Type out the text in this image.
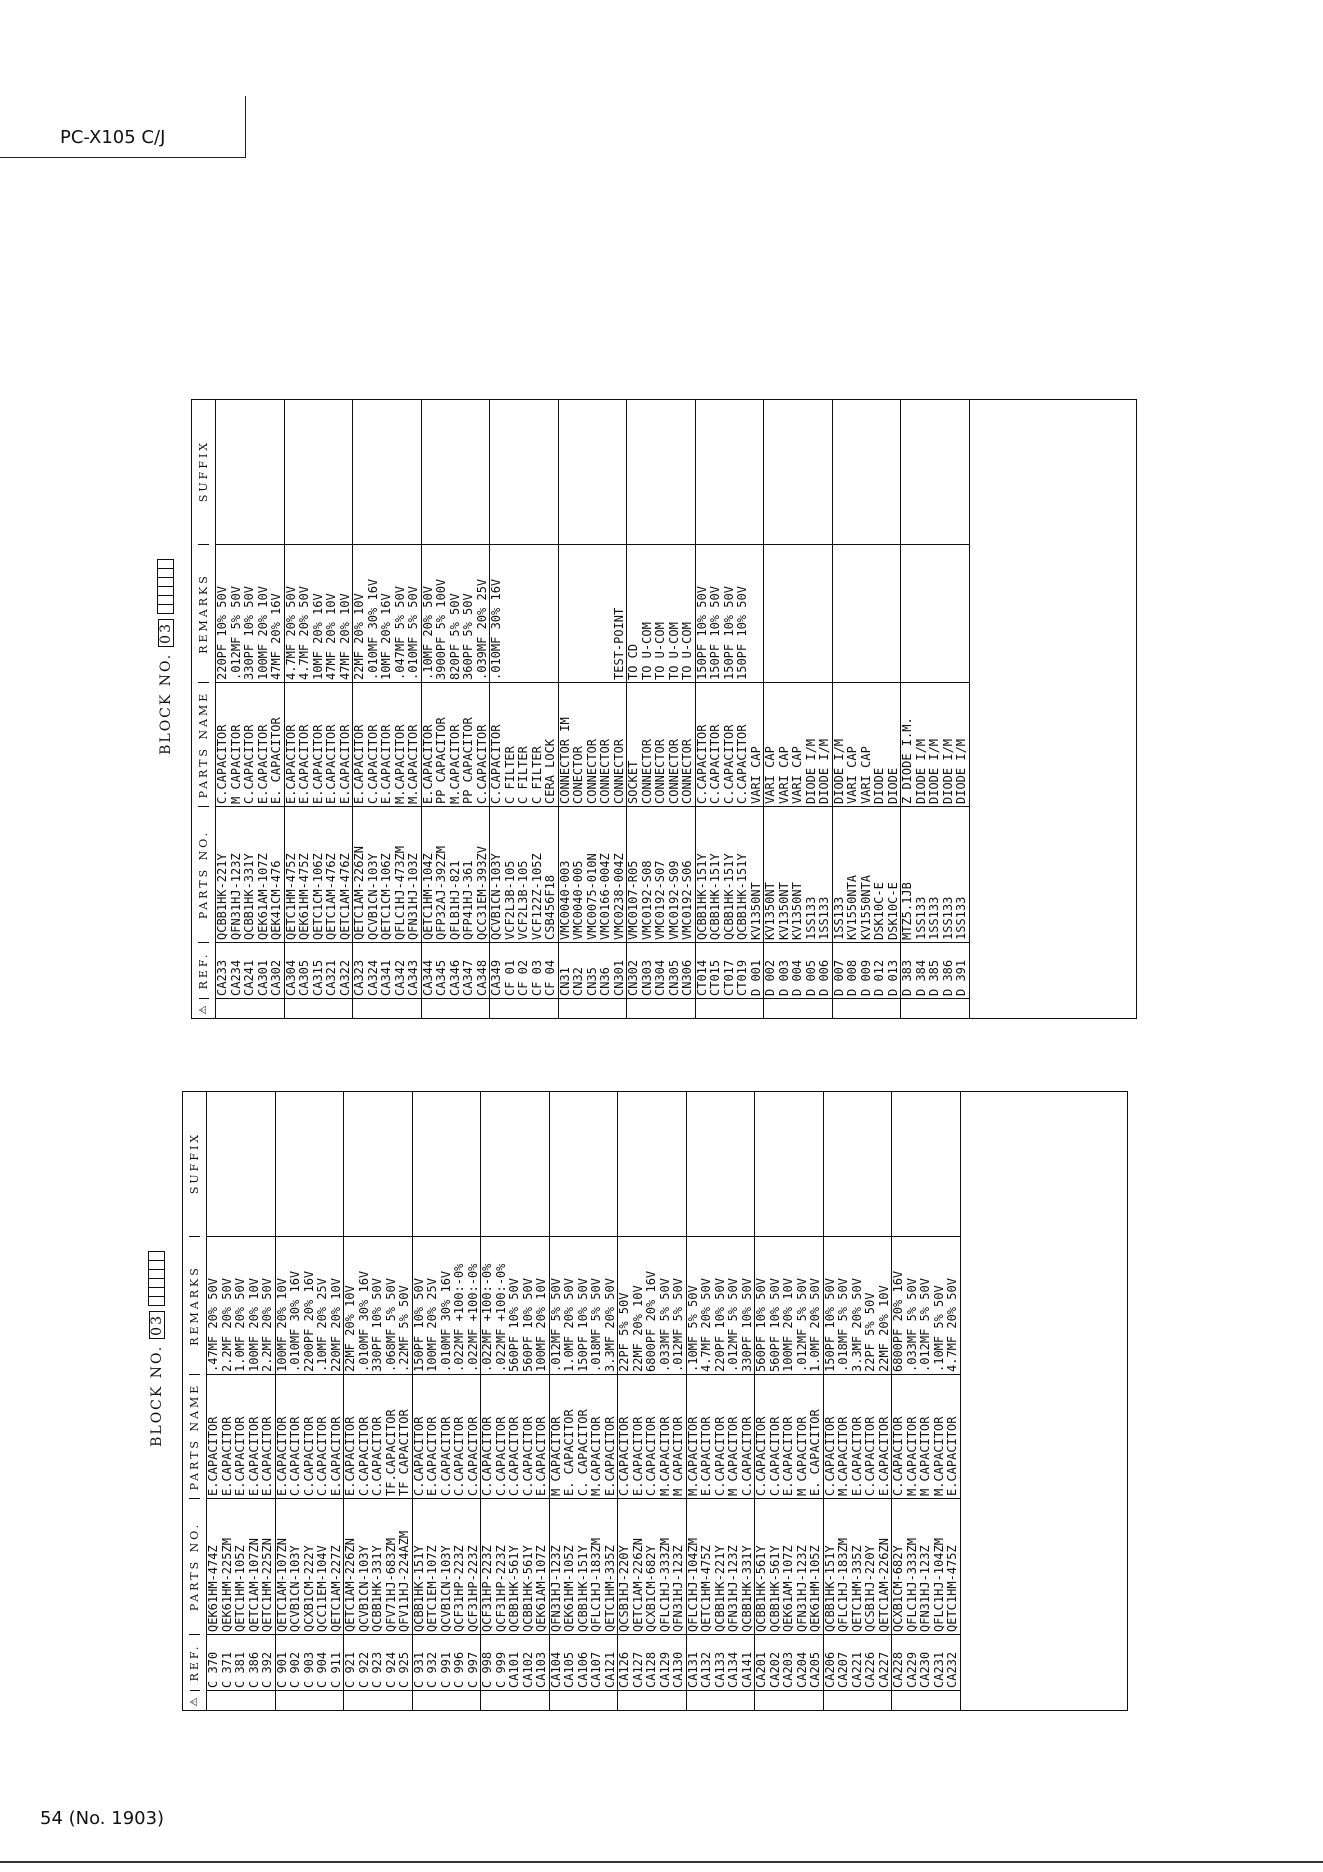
PC-X105 C/J
BLOCK NO.
03
⚠
REF.
PARTS NO.
PARTS NAME
REMARKS
SUFFIX
C 370
QEK61HM-474Z
E.CAPACITOR
.47MF 20% 50V
C 371
QEK61HM-225ZM
E.CAPACITOR
2.2MF 20% 50V
C 381
QETC1HM-105Z
E.CAPACITOR
1.0MF 20% 50V
C 386
QETC1AM-107ZN
E.CAPACITOR
100MF 20% 10V
C 392
QETC1HM-225ZN
E.CAPACITOR
2.2MF 20% 50V
C 901
QETC1AM-107ZN
E.CAPACITOR
100MF 20% 10V
C 902
QCVB1CN-103Y
C.CAPACITOR
.010MF 30% 16V
C 903
QCXB1CM-222Y
C.CAPACITOR
2200PF 20% 16V
C 904
QCC11EM-104V
C.CAPACITOR
.10MF 20% 25V
C 911
QETC1AM-227Z
E.CAPACITOR
220MF 20% 10V
C 921
QETC1AM-226ZN
E.CAPACITOR
22MF 20% 10V
C 922
QCVB1CN-103Y
C.CAPACITOR
.010MF 30% 16V
C 923
QCBB1HK-331Y
C.CAPACITOR
330PF 10% 50V
C 924
QFV71HJ-683ZM
TF.CAPACITOR
.068MF 5% 50V
C 925
QFV11HJ-224AZM
TF CAPACITOR
.22MF 5% 50V
C 931
QCBB1HK-151Y
C.CAPACITOR
150PF 10% 50V
C 932
QETC1EM-107Z
E.CAPACITOR
100MF 20% 25V
C 991
QCVB1CN-103Y
C.CAPACITOR
.010MF 30% 16V
C 996
QCF31HP-223Z
C.CAPACITOR
.022MF +100:-0%
C 997
QCF31HP-223Z
C.CAPACITOR
.022MF +100:-0%
C 998
QCF31HP-223Z
C.CAPACITOR
.022MF +100:-0%
C 999
QCF31HP-223Z
C.CAPACITOR
.022MF +100:-0%
CA101
QCBB1HK-561Y
C.CAPACITOR
560PF 10% 50V
CA102
QCBB1HK-561Y
C.CAPACITOR
560PF 10% 50V
CA103
QEK61AM-107Z
E.CAPACITOR
100MF 20% 10V
CA104
QFN31HJ-123Z
M CAPACITOR
.012MF 5% 50V
CA105
QEK61HM-105Z
E. CAPACITOR
1.0MF 20% 50V
CA106
QCBB1HK-151Y
C. CAPACITOR
150PF 10% 50V
CA107
QFLC1HJ-183ZM
M.CAPACITOR
.018MF 5% 50V
CA121
QETC1HM-335Z
E.CAPACITOR
3.3MF 20% 50V
CA126
QCSB1HJ-220Y
C.CAPACITOR
22PF 5% 50V
CA127
QETC1AM-226ZN
E.CAPACITOR
22MF 20% 10V
CA128
QCXB1CM-682Y
C.CAPACITOR
6800PF 20% 16V
CA129
QFLC1HJ-333ZM
M.CAPACITOR
.033MF 5% 50V
CA130
QFN31HJ-123Z
M CAPACITOR
.012MF 5% 50V
CA131
QFLC1HJ-104ZM
M.CAPACITOR
.10MF 5% 50V
CA132
QETC1HM-475Z
E.CAPACITOR
4.7MF 20% 50V
CA133
QCBB1HK-221Y
C.CAPACITOR
220PF 10% 50V
CA134
QFN31HJ-123Z
M CAPACITOR
.012MF 5% 50V
CA141
QCBB1HK-331Y
C.CAPACITOR
330PF 10% 50V
CA201
QCBB1HK-561Y
C.CAPACITOR
560PF 10% 50V
CA202
QCBB1HK-561Y
C.CAPACITOR
560PF 10% 50V
CA203
QEK61AM-107Z
E.CAPACITOR
100MF 20% 10V
CA204
QFN31HJ-123Z
M CAPACITOR
.012MF 5% 50V
CA205
QEK61HM-105Z
E. CAPACITOR
1.0MF 20% 50V
CA206
QCBB1HK-151Y
C.CAPACITOR
150PF 10% 50V
CA207
QFLC1HJ-183ZM
M.CAPACITOR
.018MF 5% 50V
CA221
QETC1HM-335Z
E.CAPACITOR
3.3MF 20% 50V
CA226
QCSB1HJ-220Y
C.CAPACITOR
22PF 5% 50V
CA227
QETC1AM-226ZN
E.CAPACITOR
22MF 20% 10V
CA228
QCXB1CM-682Y
C.CAPACITOR
6800PF 20% 16V
CA229
QFLC1HJ-333ZM
M.CAPACITOR
.033MF 5% 50V
CA230
QFN31HJ-123Z
M CAPACITOR
.012MF 5% 50V
CA231
QFLC1HJ-104ZM
M.CAPACITOR
.10MF 5% 50V
CA232
QETC1HM-475Z
E.CAPACITOR
4.7MF 20% 50V
BLOCK NO.
03
⚠
REF.
PARTS NO.
PARTS NAME
REMARKS
SUFFIX
CA233
QCBB1HK-221Y
C.CAPACITOR
220PF 10% 50V
CA234
QFN31HJ-123Z
M CAPACITOR
.012MF 5% 50V
CA241
QCBB1HK-331Y
C.CAPACITOR
330PF 10% 50V
CA301
QEK61AM-107Z
E.CAPACITOR
100MF 20% 10V
CA302
QEK41CM-476
E. CAPACITOR
47MF 20% 16V
CA304
QETC1HM-475Z
E.CAPACITOR
4.7MF 20% 50V
CA305
QEK61HM-475Z
E.CAPACITOR
4.7MF 20% 50V
CA315
QETC1CM-106Z
E.CAPACITOR
10MF 20% 16V
CA321
QETC1AM-476Z
E.CAPACITOR
47MF 20% 10V
CA322
QETC1AM-476Z
E.CAPACITOR
47MF 20% 10V
CA323
QETC1AM-226ZN
E.CAPACITOR
22MF 20% 10V
CA324
QCVB1CN-103Y
C.CAPACITOR
.010MF 30% 16V
CA341
QETC1CM-106Z
E.CAPACITOR
10MF 20% 16V
CA342
QFLC1HJ-473ZM
M.CAPACITOR
.047MF 5% 50V
CA343
QFN31HJ-103Z
M.CAPACITOR
.010MF 5% 50V
CA344
QETC1HM-104Z
E.CAPACITOR
.10MF 20% 50V
CA345
QFP32AJ-392ZM
PP CAPACITOR
3900PF 5% 100V
CA346
QFLB1HJ-821
M.CAPACITOR
820PF 5% 50V
CA347
QFP41HJ-361
PP CAPACITOR
360PF 5% 50V
CA348
QCC31EM-393ZV
C.CAPACITOR
.039MF 20% 25V
CA349
QCVB1CN-103Y
C.CAPACITOR
.010MF 30% 16V
CF 01
VCF2L3B-105
C FILTER
CF 02
VCF2L3B-105
C FILTER
CF 03
VCF122Z-105Z
C FILTER
CF 04
CSB456F18
CERA LOCK
CN31
VMC0040-003
CONNECTOR IM
CN32
VMC0040-005
CONECTOR
CN35
VMC0075-010N
CONNECTOR
CN36
VMC0166-004Z
CONNECTOR
CN301
VMC0238-004Z
CONNECTOR
TEST-POINT
CN302
VMC0107-R05
SOCKET
TO CD
CN303
VMC0192-S08
CONNECTOR
TO U-COM
CN304
VMC0192-S07
CONNECTOR
TO U-COM
CN305
VMC0192-S09
CONNECTOR
TO U-COM
CN306
VMC0192-S06
CONNECTOR
TO U-COM
CT014
QCBB1HK-151Y
C.CAPACITOR
150PF 10% 50V
CT015
QCBB1HK-151Y
C.CAPACITOR
150PF 10% 50V
CT017
QCBB1HK-151Y
C.CAPACITOR
150PF 10% 50V
CT019
QCBB1HK-151Y
C.CAPACITOR
150PF 10% 50V
D 001
KV1350NT
VARI CAP
D 002
KV1350NT
VARI CAP
D 003
KV1350NT
VARI CAP
D 004
KV1350NT
VARI CAP
D 005
1SS133
DIODE I/M
D 006
1SS133
DIODE I/M
D 007
1SS133
DIODE I/M
D 008
KV1550NTA
VARI CAP
D 009
KV1550NTA
VARI CAP
D 012
DSK10C-E
DIODE
D 013
DSK10C-E
DIODE
D 383
MTZ5.1JB
Z DIODE I.M.
D 384
1SS133
DIODE I/M
D 385
1SS133
DIODE I/M
D 386
1SS133
DIODE I/M
D 391
1SS133
DIODE I/M
54 (No. 1903)
